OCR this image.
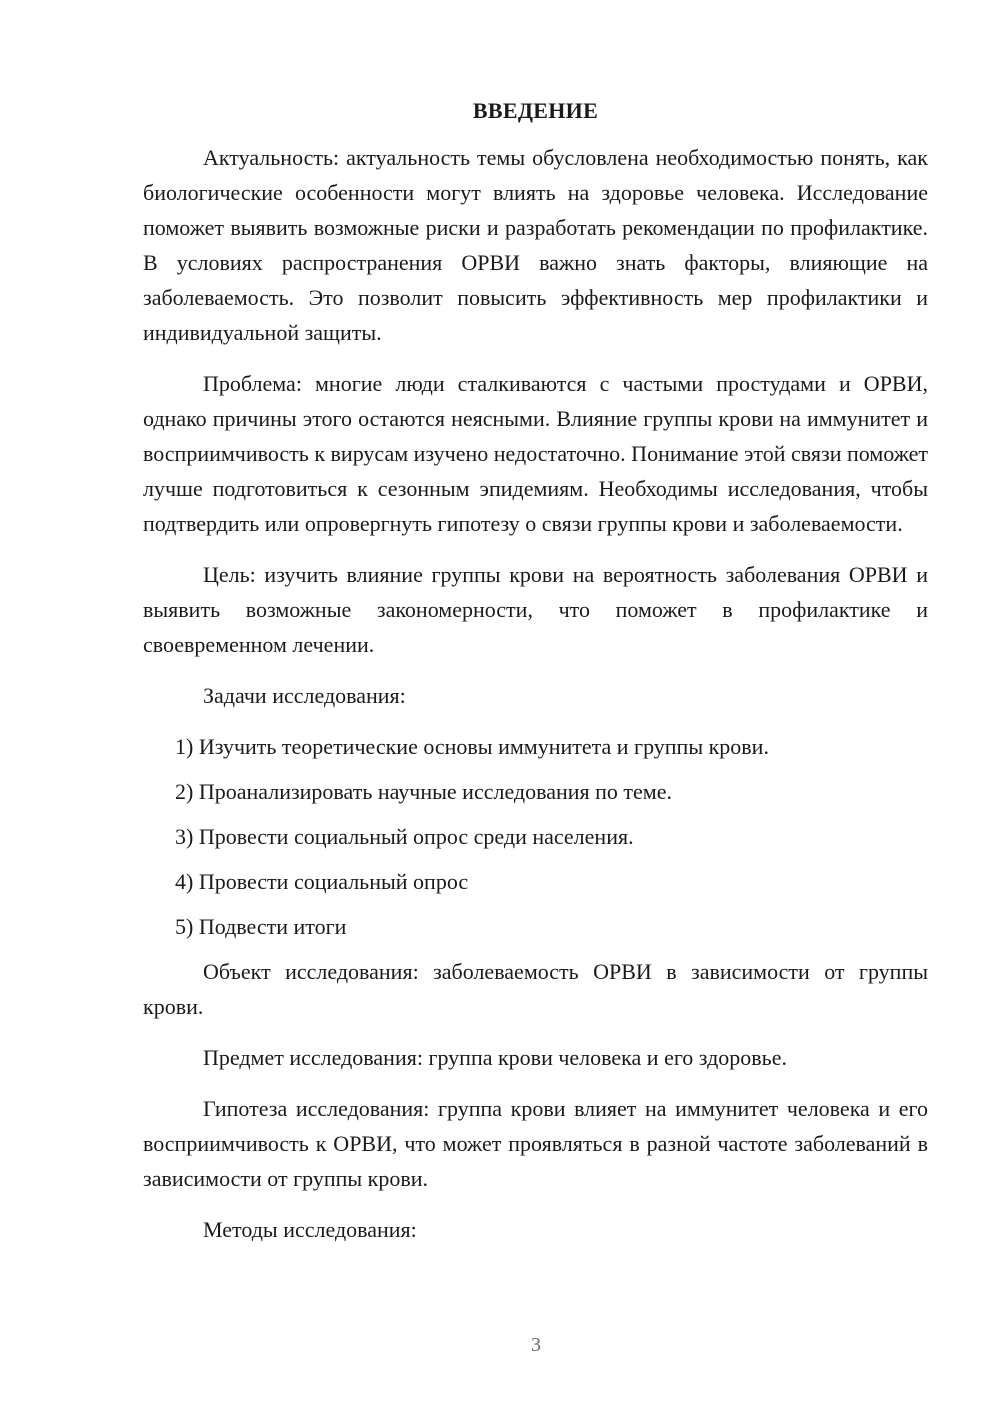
ВВЕДЕНИЕ

Актуальность: актуальность темы обусловлена необходимостью понять, как биологические особенности могут влиять на здоровье человека. Исследование поможет выявить возможные риски и разработать рекомендации по профилактике. В условиях распространения ОРВИ важно знать факторы, влияющие на заболеваемость. Это позволит повысить эффективность мер профилактики и индивидуальной защиты.

Проблема: многие люди сталкиваются с частыми простудами и ОРВИ, однако причины этого остаются неясными. Влияние группы крови на иммунитет и восприимчивость к вирусам изучено недостаточно. Понимание этой связи поможет лучше подготовиться к сезонным эпидемиям. Необходимы исследования, чтобы подтвердить или опровергнуть гипотезу о связи группы крови и заболеваемости.

Цель: изучить влияние группы крови на вероятность заболевания ОРВИ и выявить возможные закономерности, что поможет в профилактике и своевременном лечении.

Задачи исследования:

1) Изучить теоретические основы иммунитета и группы крови.
2) Проанализировать научные исследования по теме.
3) Провести социальный опрос среди населения.
4) Провести социальный опрос
5) Подвести итоги

Объект исследования: заболеваемость ОРВИ в зависимости от группы крови.

Предмет исследования: группа крови человека и его здоровье.

Гипотеза исследования: группа крови влияет на иммунитет человека и его восприимчивость к ОРВИ, что может проявляться в разной частоте заболеваний в зависимости от группы крови.

Методы исследования:

3
